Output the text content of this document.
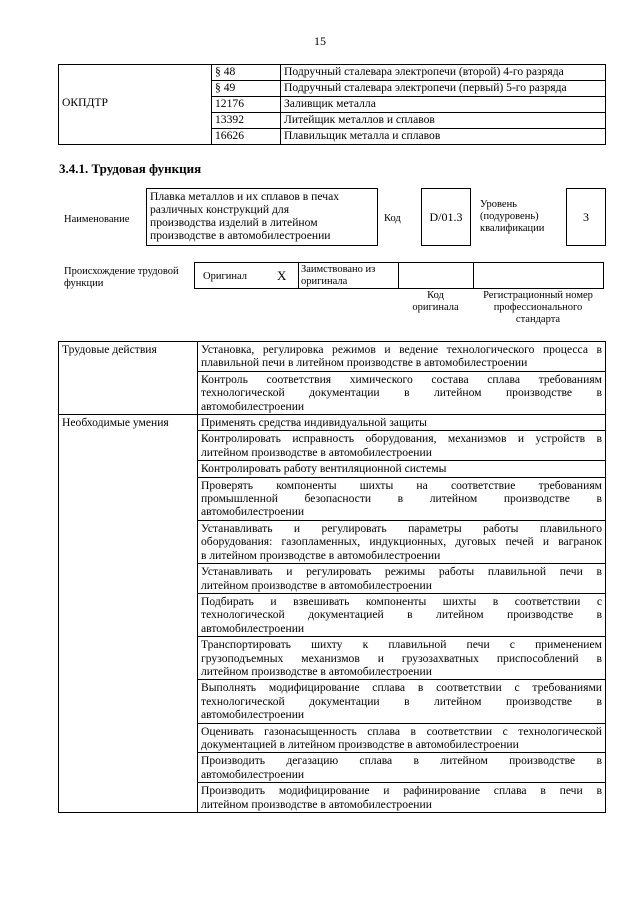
15
ОКПДТР	§ 48	Подручный сталевара электропечи (второй) 4-го разряда
	§ 49	Подручный сталевара электропечи (первый) 5-го разряда
	12176	Заливщик металла
	13392	Литейщик металлов и сплавов
	16626	Плавильщик металла и сплавов
3.4.1. Трудовая функция
Наименование
Плавка металлов и их сплавов в печах
различных конструкций для
производства изделий в литейном
производстве в автомобилестроении
Код	D/01.3
Уровень
(подуровень)
квалификации
3
Происхождение трудовой
функции
Оригинал X Заимствовано из
оригинала
Код
оригинала
Регистрационный номер
профессионального
стандарта
Трудовые действия	Установка, регулировка режимов и ведение технологического процесса в
плавильной печи в литейном производстве в автомобилестроении

	Контроль соответствия химического состава сплава требованиям
технологической документации в литейном производстве в
автомобилестроении

Необходимые умения	Применять средства индивидуальной защиты

	Контролировать исправность оборудования, механизмов и устройств в
литейном производстве в автомобилестроении

	Контролировать работу вентиляционной системы

	Проверять компоненты шихты на соответствие требованиям
промышленной безопасности в литейном производстве в
автомобилестроении

	Устанавливать и регулировать параметры работы плавильного
оборудования: газопламенных, индукционных, дуговых печей и вагранок
в литейном производстве в автомобилестроении

	Устанавливать и регулировать режимы работы плавильной печи в
литейном производстве в автомобилестроении

	Подбирать и взвешивать компоненты шихты в соответствии с
технологической документацией в литейном производстве в
автомобилестроении

	Транспортировать шихту к плавильной печи с применением
грузоподъемных механизмов и грузозахватных приспособлений в
литейном производстве в автомобилестроении

	Выполнять модифицирование сплава в соответствии с требованиями
технологической документации в литейном производстве в
автомобилестроении

	Оценивать газонасыщенность сплава в соответствии с технологической
документацией в литейном производстве в автомобилестроении

	Производить дегазацию сплава в литейном производстве в
автомобилестроении

	Производить модифицирование и рафинирование сплава в печи в
литейном производстве в автомобилестроении
